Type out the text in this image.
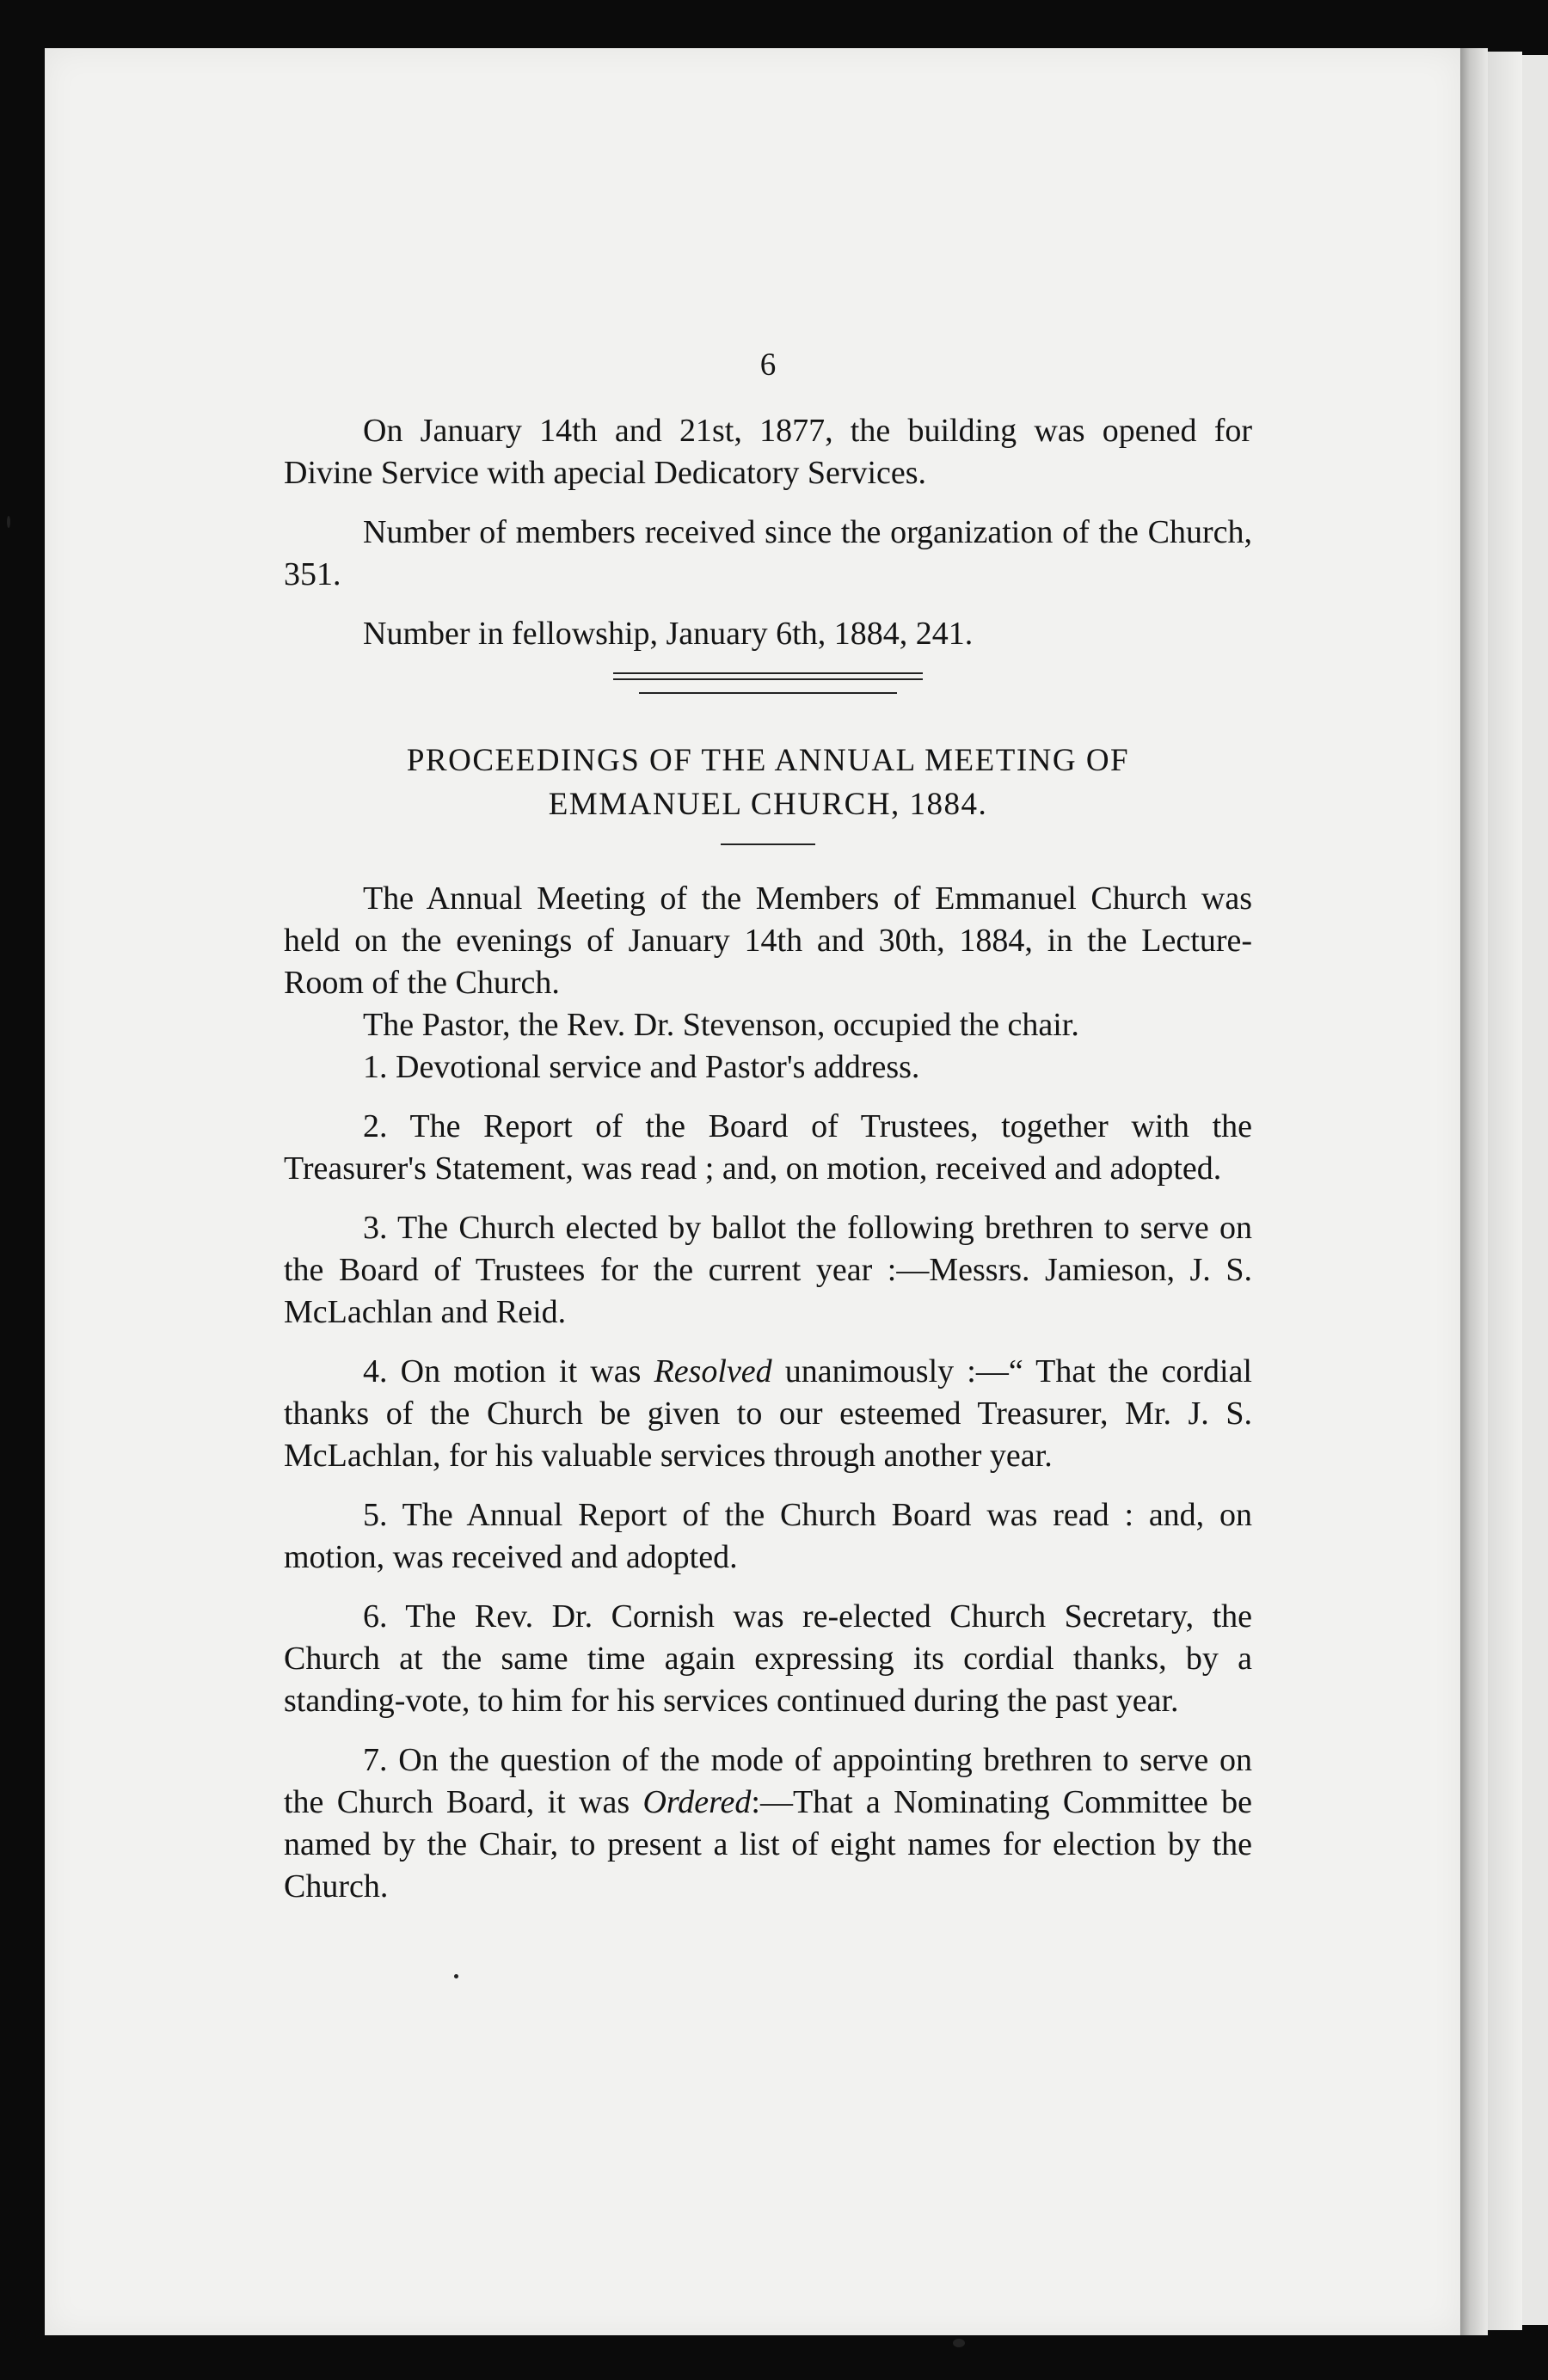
6

On January 14th and 21st, 1877, the building was opened for Divine Service with apecial Dedicatory Services.

Number of members received since the organization of the Church, 351.

Number in fellowship, January 6th, 1884, 241.

PROCEEDINGS OF THE ANNUAL MEETING OF
EMMANUEL CHURCH, 1884.

The Annual Meeting of the Members of Emmanuel Church was held on the evenings of January 14th and 30th, 1884, in the Lecture-Room of the Church.

The Pastor, the Rev. Dr. Stevenson, occupied the chair.

1. Devotional service and Pastor's address.

2. The Report of the Board of Trustees, together with the Treasurer's Statement, was read ; and, on motion, received and adopted.

3. The Church elected by ballot the following brethren to serve on the Board of Trustees for the current year :—Messrs. Jamieson, J. S. McLachlan and Reid.

4. On motion it was Resolved unanimously :—“ That the cordial thanks of the Church be given to our esteemed Treasurer, Mr. J. S. McLachlan, for his valuable services through another year.

5. The Annual Report of the Church Board was read : and, on motion, was received and adopted.

6. The Rev. Dr. Cornish was re-elected Church Secretary, the Church at the same time again expressing its cordial thanks, by a standing-vote, to him for his services continued during the past year.

7. On the question of the mode of appointing brethren to serve on the Church Board, it was Ordered:—That a Nominating Committee be named by the Chair, to present a list of eight names for election by the Church.
